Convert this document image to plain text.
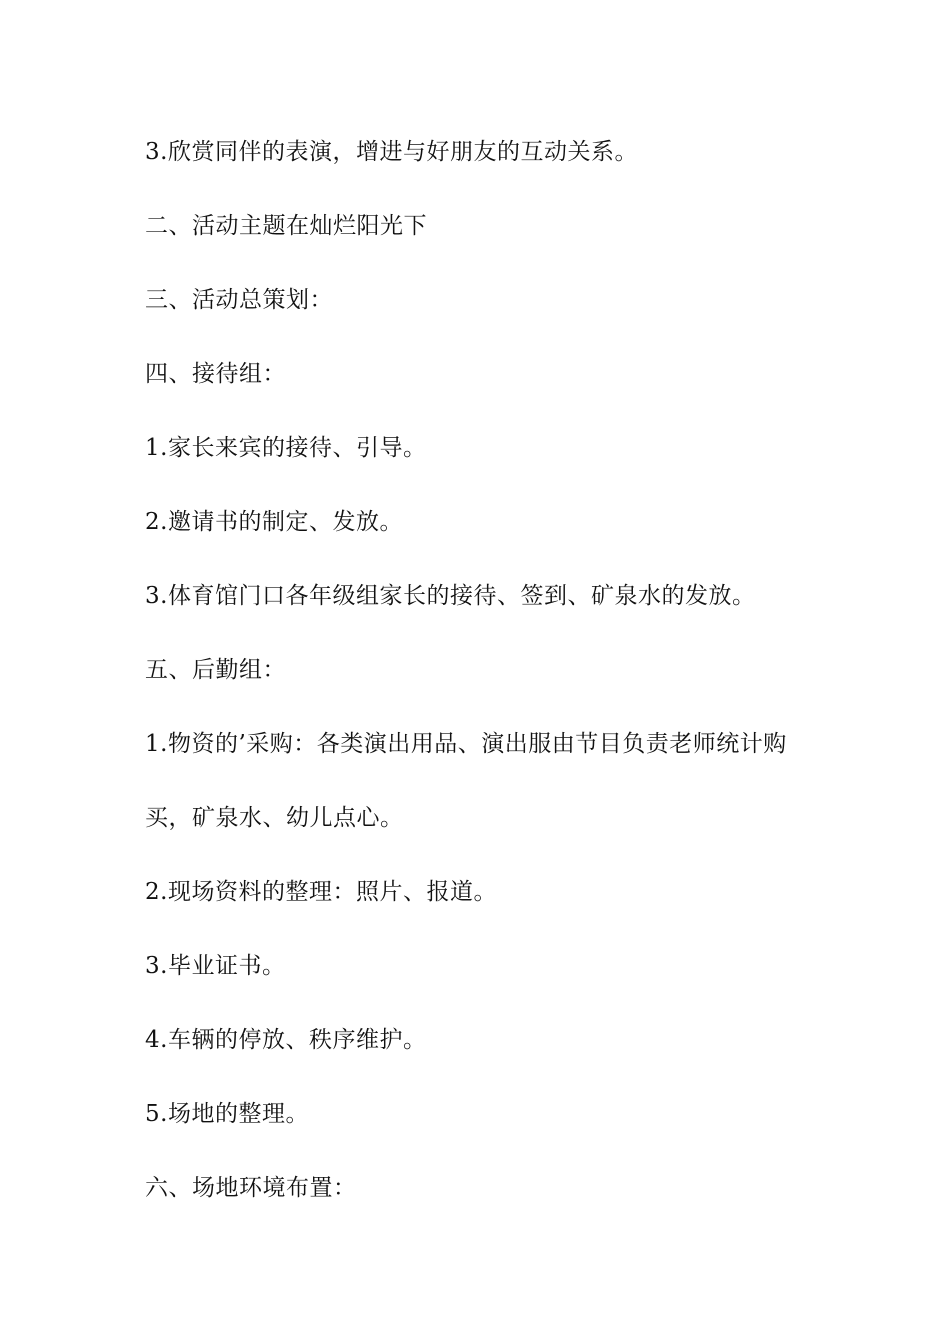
3.欣赏同伴的表演，增进与好朋友的互动关系。

二、活动主题在灿烂阳光下

三、活动总策划：

四、接待组：

1.家长来宾的接待、引导。

2.邀请书的制定、发放。

3.体育馆门口各年级组家长的接待、签到、矿泉水的发放。

五、后勤组：

1.物资的’采购：各类演出用品、演出服由节目负责老师统计购

买，矿泉水、幼儿点心。

2.现场资料的整理：照片、报道。

3.毕业证书。

4.车辆的停放、秩序维护。

5.场地的整理。

六、场地环境布置：
